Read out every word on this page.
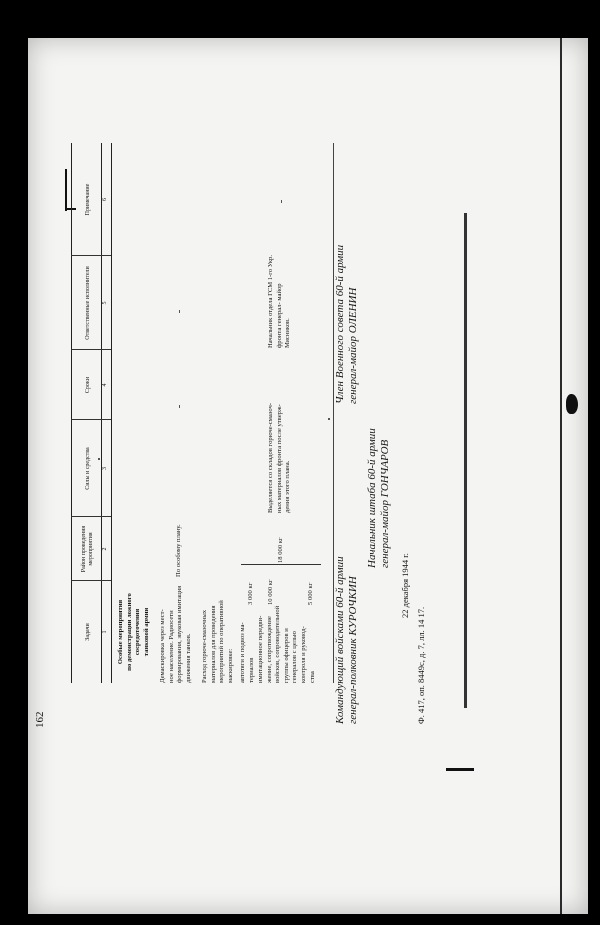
162
Задачи
Район проведения мероприятия
Силы и средства
Сроки
Ответственные исполнители
Примечание
1
2
3
4
5
6
Особые мероприятия по демонстрации ложного сосредоточения танковой армии Демаскировка через мест- ное население. Радиосети формирования, звуковая имитация движения танков.
По особому плану.
Расход горюче-смазочных материалов для проведения мероприятий по оперативной маскировке: автотяги и подвоз ма- териалов
3 000 кг
имитационное передви- жение, сопротвождение войсков, сопроводительной группы офицеров и генералов с целью контроля и руковод- ства
10 000 кг	5 000 кг
18 000 кг
Выделяется со складов горюче-смазоч- ных материалов фронта после утверж- дения этого плана.
Начальник отдела ГСМ 1-го Укр. фронта генерал- майор Мясников.
Командующий войсками 60-й армии генерал-полковник КУРОЧКИН
Член Военного совета 60-й армии генерал-майор ОЛЕНИН
Начальник штаба 60-й армии генерал-майор ГОНЧАРОВ
22 декабря 1944 г.
Ф. 417, оп. 8449с, д. 7, лл. 14 17.
